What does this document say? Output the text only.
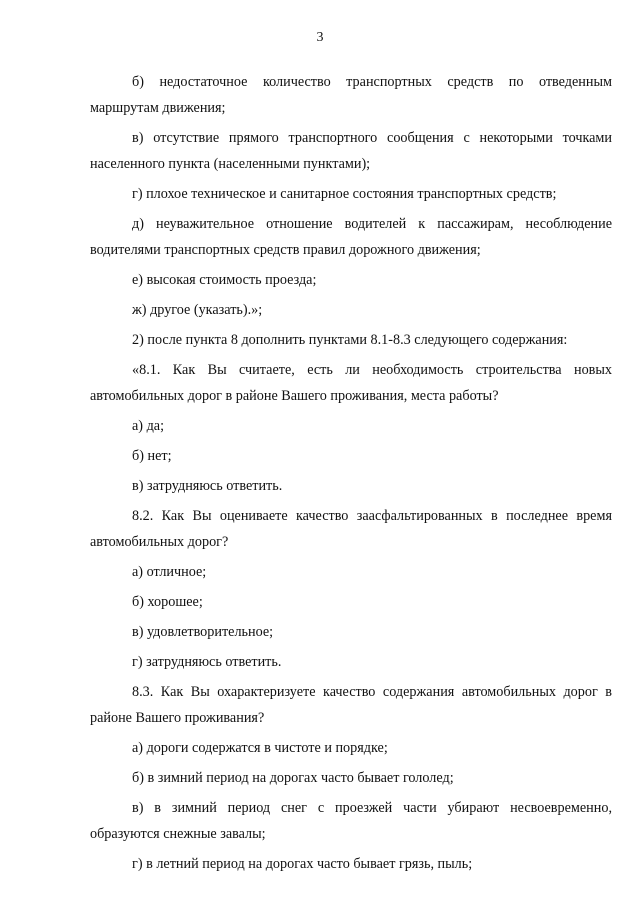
3

б) недостаточное количество транспортных средств по отведенным маршрутам движения;

в) отсутствие прямого транспортного сообщения с некоторыми точками населенного пункта (населенными пунктами);

г) плохое техническое и санитарное состояния транспортных средств;

д) неуважительное отношение водителей к пассажирам, несоблюдение водителями транспортных средств правил дорожного движения;

е) высокая стоимость проезда;

ж) другое (указать).»;

2) после пункта 8 дополнить пунктами 8.1-8.3 следующего содержания:

«8.1. Как Вы считаете, есть ли необходимость строительства новых автомобильных дорог в районе Вашего проживания, места работы?

а) да;

б) нет;

в) затрудняюсь ответить.

8.2. Как Вы оцениваете качество заасфальтированных в последнее время автомобильных дорог?

а) отличное;

б) хорошее;

в) удовлетворительное;

г) затрудняюсь ответить.

8.3. Как Вы охарактеризуете качество содержания автомобильных дорог в районе Вашего проживания?

а) дороги содержатся в чистоте и порядке;

б) в зимний период на дорогах часто бывает гололед;

в) в зимний период снег с проезжей части убирают несвоевременно, образуются снежные завалы;

г) в летний период на дорогах часто бывает грязь, пыль;
